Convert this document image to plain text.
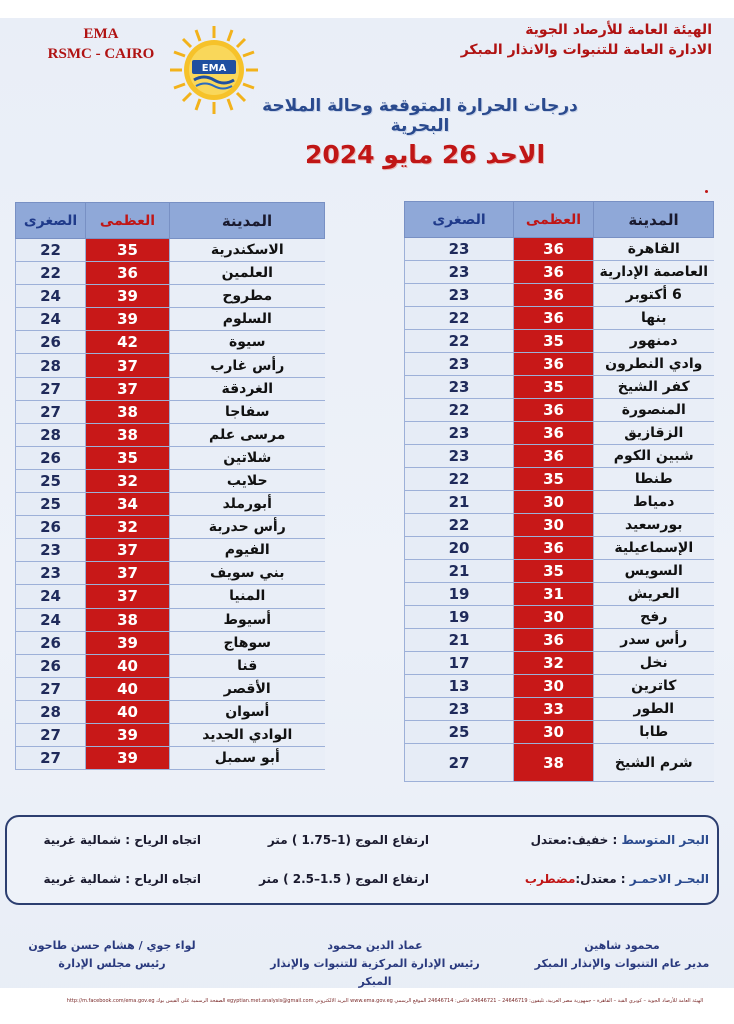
EMA
RSMC - CAIRO
EMA
الهيئة العامة للأرصاد الجوية
الادارة العامة للتنبوات والانذار المبكر
درجات الحرارة المتوقعة وحالة الملاحة البحرية
الاحد 26 مايو 2024
المدينة	العظمى	الصغرى
القاهرة	36	23
العاصمة الإدارية	36	23
6 أكتوبر	36	23
بنها	36	22
دمنهور	35	22
وادي النطرون	36	23
كفر الشيخ	35	23
المنصورة	36	22
الزقازيق	36	23
شبين الكوم	36	23
طنطا	35	22
دمياط	30	21
بورسعيد	30	22
الإسماعيلية	36	20
السويس	35	21
العريش	31	19
رفح	30	19
رأس سدر	36	21
نخل	32	17
كاترين	30	13
الطور	33	23
طابا	30	25
شرم الشيخ	38	27
المدينة	العظمى	الصغرى
الاسكندرية	35	22
العلمين	36	22
مطروح	39	24
السلوم	39	24
سيوة	42	26
رأس غارب	37	28
الغردقة	37	27
سفاجا	38	27
مرسى علم	38	28
شلاتين	35	26
حلايب	32	25
أبورملد	34	25
رأس حدربة	32	26
الفيوم	37	23
بني سويف	37	23
المنيا	37	24
أسيوط	38	24
سوهاج	39	26
قنا	40	26
الأقصر	40	27
أسوان	40	28
الوادي الجديد	39	27
أبو سمبل	39	27
البحر المتوسط : خفيف:معتدل
ارتفاع الموج (1–1.75 ) متر
اتجاه الرياح : شمالية غربية
البحـر الاحمـر : معتدل:مضطرب
ارتفاع الموج ( 1.5–2.5 ) متر
اتجاه الرياح : شمالية غربية
محمود شاهين
مدير عام التنبوات والإنذار المبكر
عماد الدين محمود
رئيس الإدارة المركزية للتنبوات والإنذار المبكر
لواء جوي / هشام حسن طاحون
رئيس مجلس الإدارة
الهيئة العامة للأرصاد الجوية – كوبري القبة – القاهرة – جمهورية مصر العربية، تليفون: 24646719 – 24646721 فاكس: 24646714 الموقع الرسمي www.ema.gov.eg البريد الالكتروني egyptian.met.analysis@gmail.com الصفحة الرسمية على الفيس بوك http://m.facebook.com/ema.gov.eg
